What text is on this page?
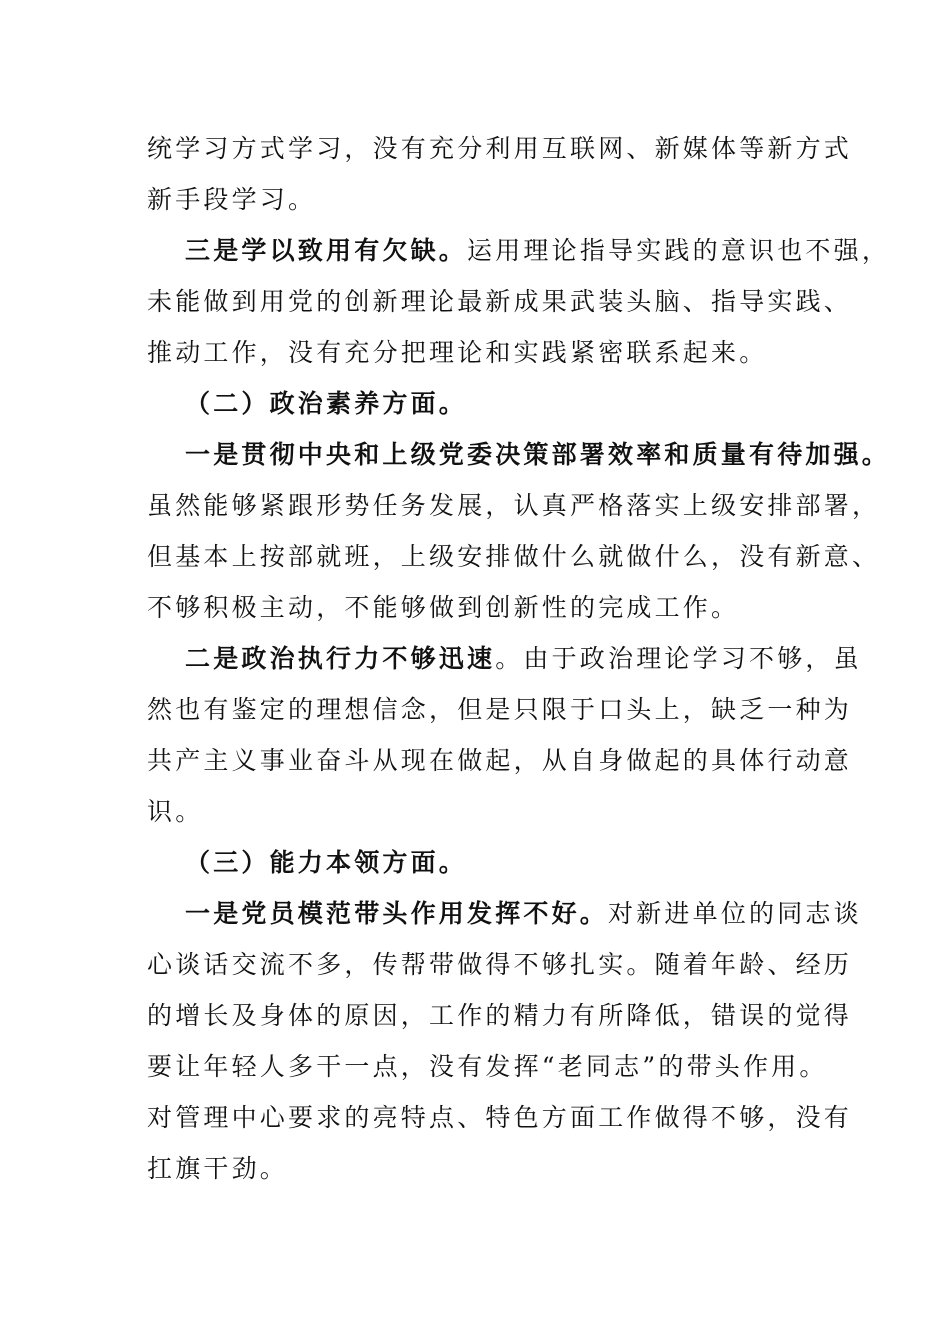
统学习方式学习，没有充分利用互联网、新媒体等新方式
新手段学习。
三是学以致用有欠缺。运用理论指导实践的意识也不强，
未能做到用党的创新理论最新成果武装头脑、指导实践、
推动工作，没有充分把理论和实践紧密联系起来。
（二）政治素养方面。
一是贯彻中央和上级党委决策部署效率和质量有待加强。
虽然能够紧跟形势任务发展，认真严格落实上级安排部署，
但基本上按部就班，上级安排做什么就做什么，没有新意、
不够积极主动，不能够做到创新性的完成工作。
二是政治执行力不够迅速。由于政治理论学习不够，虽
然也有鉴定的理想信念，但是只限于口头上，缺乏一种为
共产主义事业奋斗从现在做起，从自身做起的具体行动意
识。
（三）能力本领方面。
一是党员模范带头作用发挥不好。对新进单位的同志谈
心谈话交流不多，传帮带做得不够扎实。随着年龄、经历
的增长及身体的原因，工作的精力有所降低，错误的觉得
要让年轻人多干一点，没有发挥“老同志”的带头作用。
对管理中心要求的亮特点、特色方面工作做得不够，没有
扛旗干劲。
